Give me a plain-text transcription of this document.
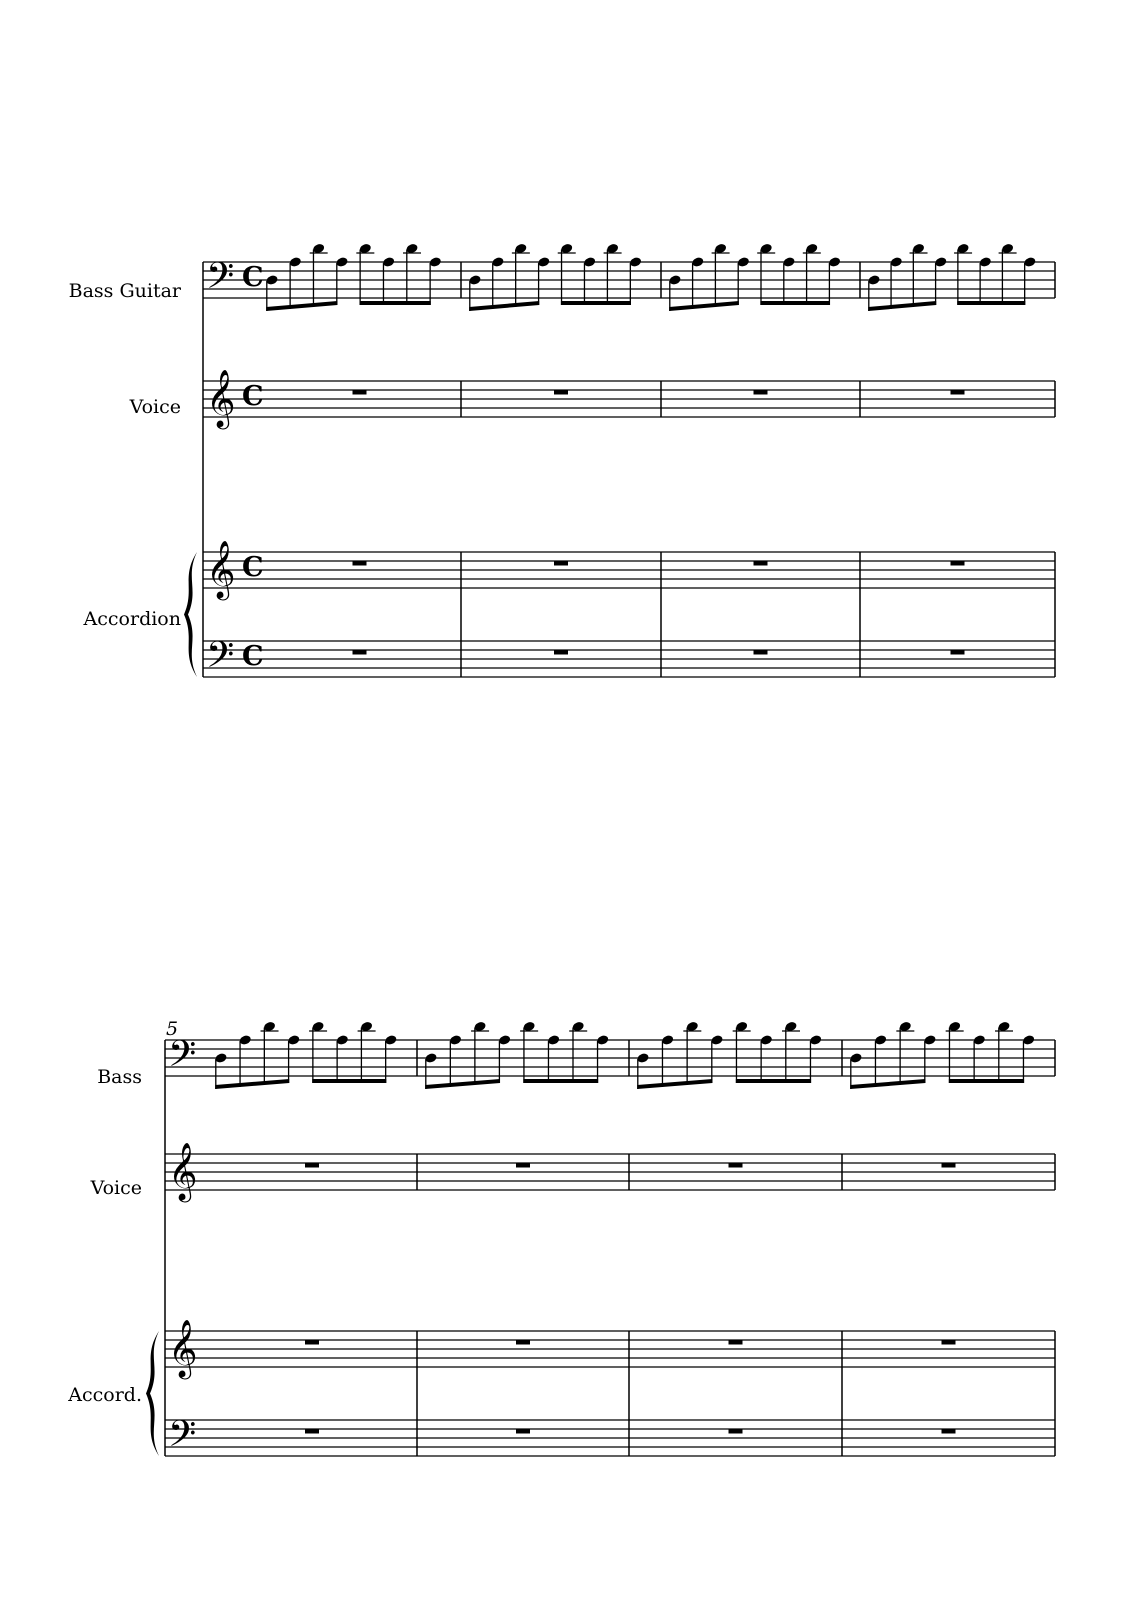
Bass Guitar
Voice
Accordion
𝄢 C
𝄞 C
𝄞 C
𝄢 C
5
Bass
Voice
Accord.
𝄢
𝄞
𝄞
𝄢
